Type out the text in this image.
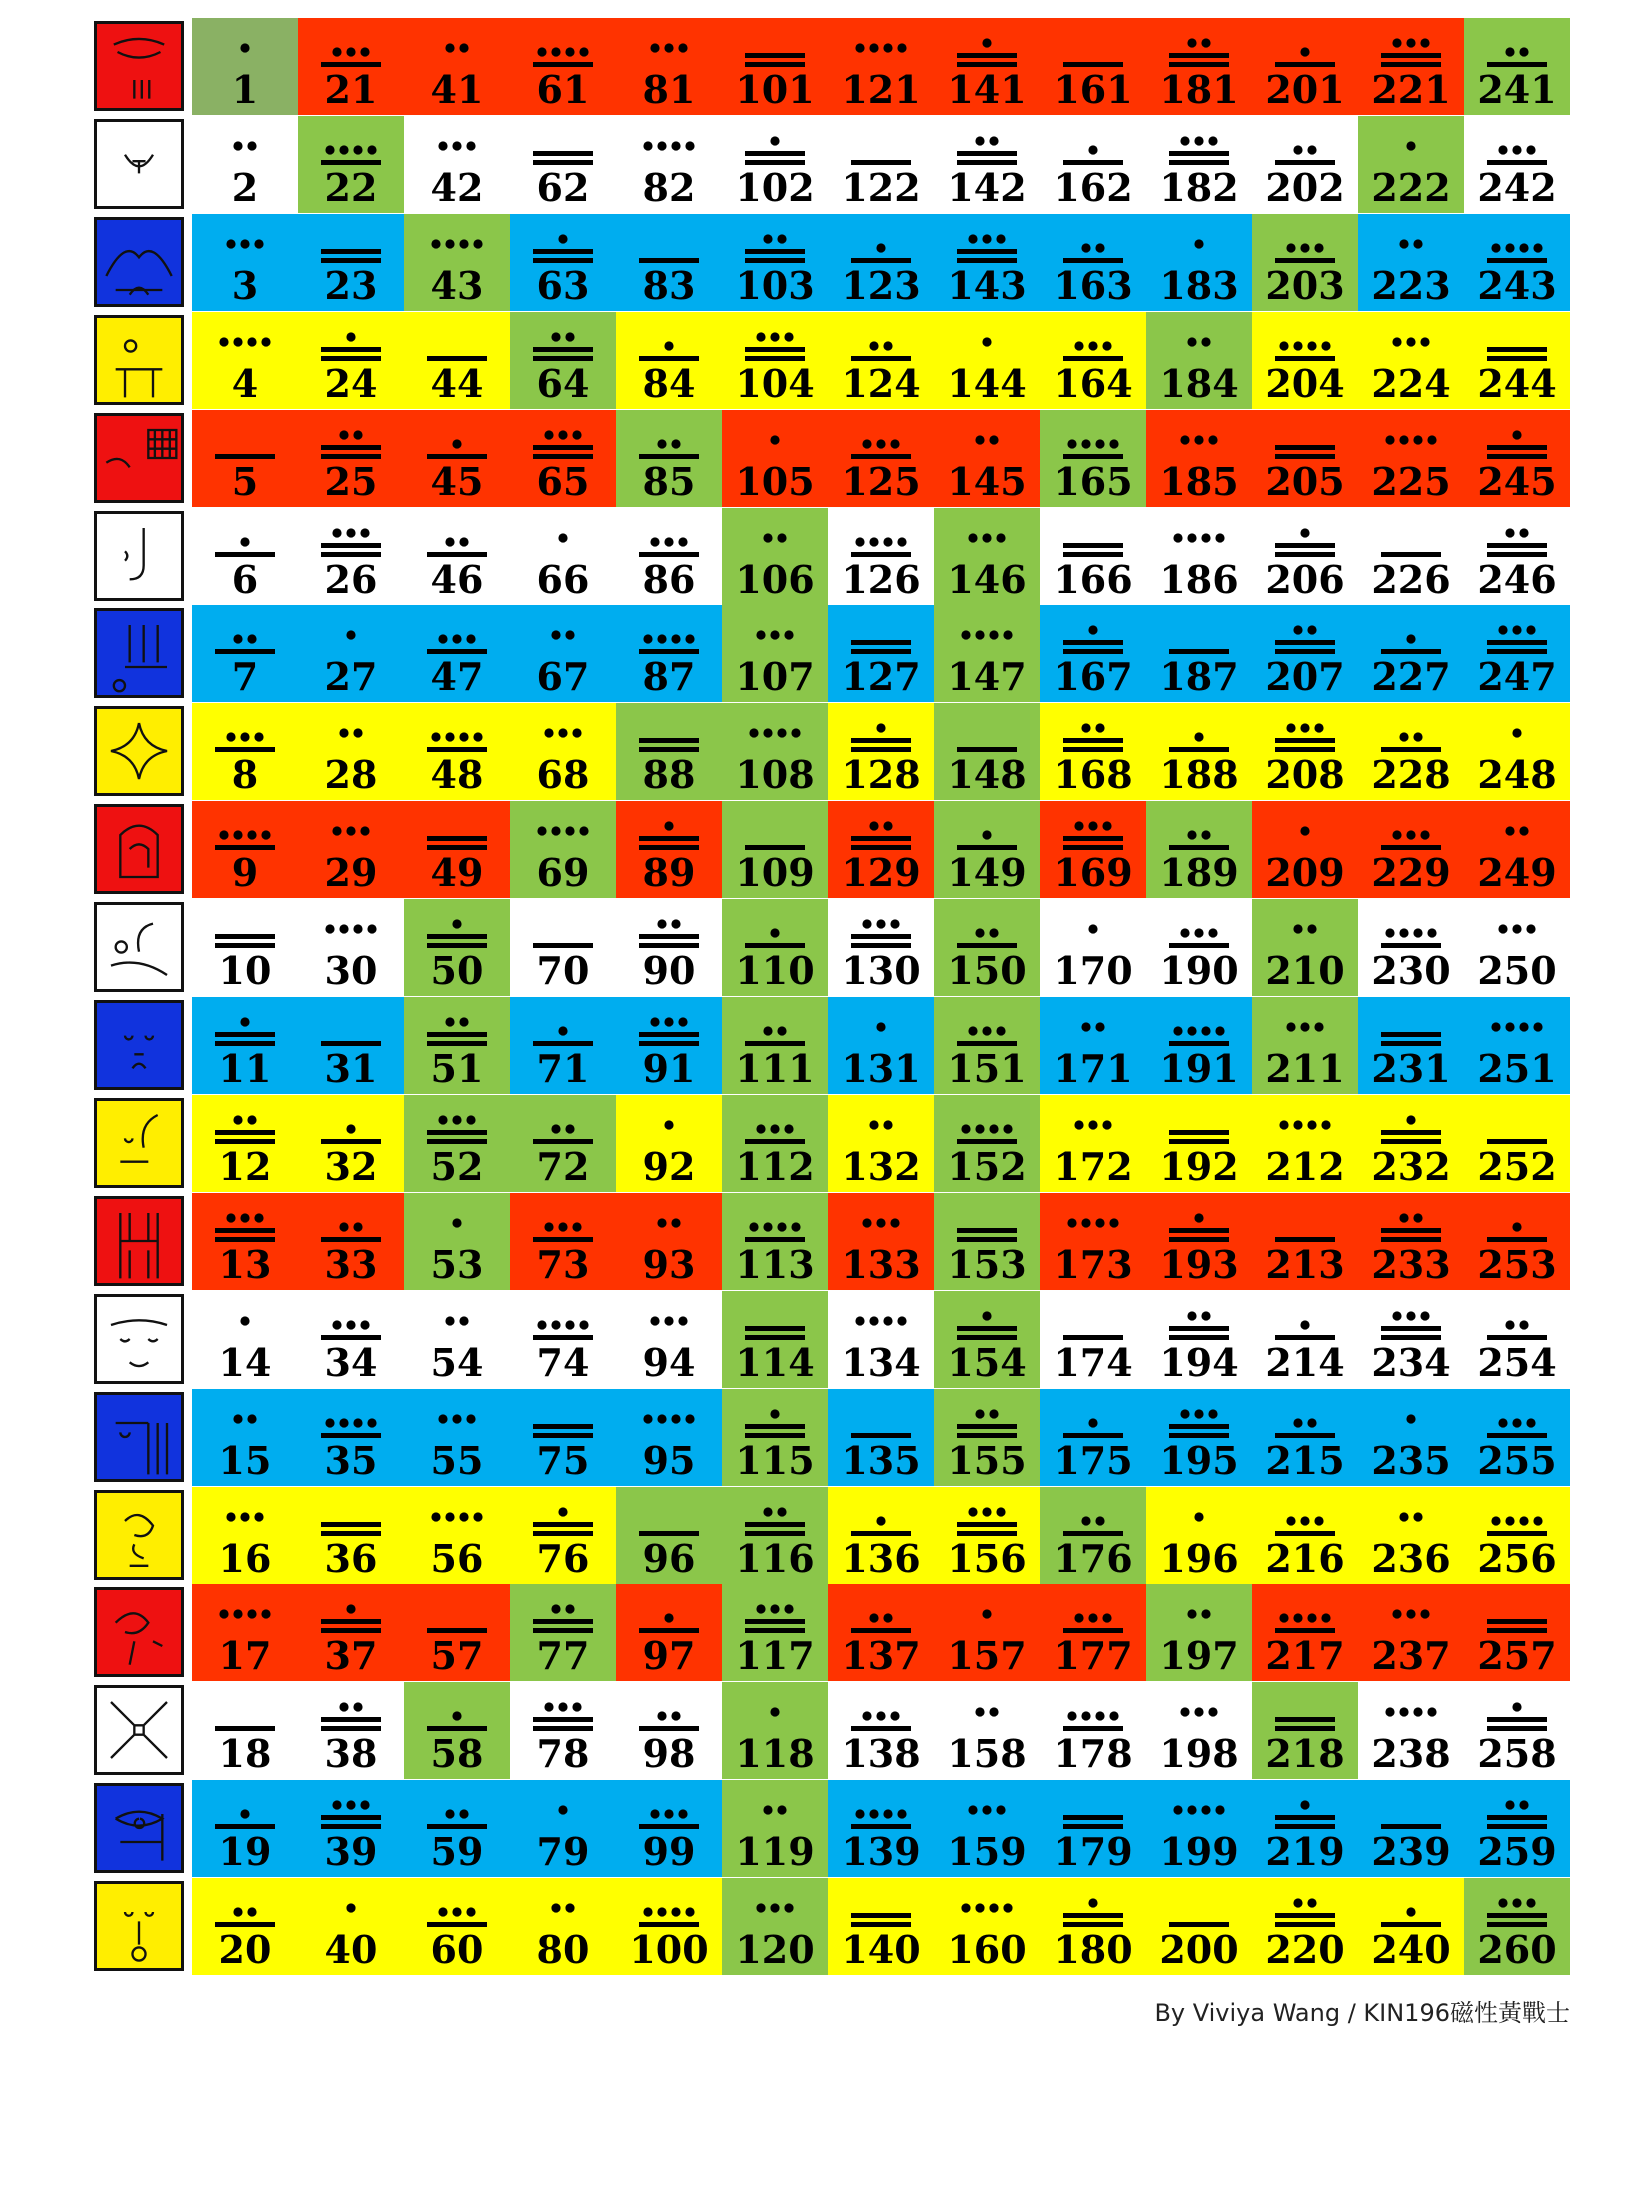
1	21	41	61	81	101 121 141 161 181 201 221 241
2	22	42	62	82	102 122 142 162 182 202 222 242
3	23	43	63	83	103 123 143 163 183 203 223 243
4	24	44	64	84	104 124 144 164 184 204 224 244
5	25	45	65	85	105 125 145 165 185 205 225 245
6	26	46	66	86	106 126 146 166 186 206 226 246
7	27	47	67	87	107 127 147 167 187 207 227 247
8	28	48	68	88	108 128 148 168 188 208 228 248
9	29	49	69	89	109 129 149 169 189 209 229 249
10	30	50	70	90	110 130 150 170 190 210 230 250
11	31	51	71	91	111 131 151 171 191 211 231 251
12	32	52	72	92	112 132 152 172 192 212 232 252
13	33	53	73	93	113 133 153 173 193 213 233 253
14	34	54	74	94	114 134 154 174 194 214 234 254
15	35	55	75	95	115 135 155 175 195 215 235 255
16	36	56	76	96	116 136 156 176 196 216 236 256
17	37	57	77	97	117 137 157 177 197 217 237 257
18	38	58	78	98	118 138 158 178 198 218 238 258
19	39	59	79	99	119 139 159 179 199 219 239 259
20	40	60	80	100 120 140 160 180 200 220 240 260
By Viviya Wang / KIN196磁性黃戰士
